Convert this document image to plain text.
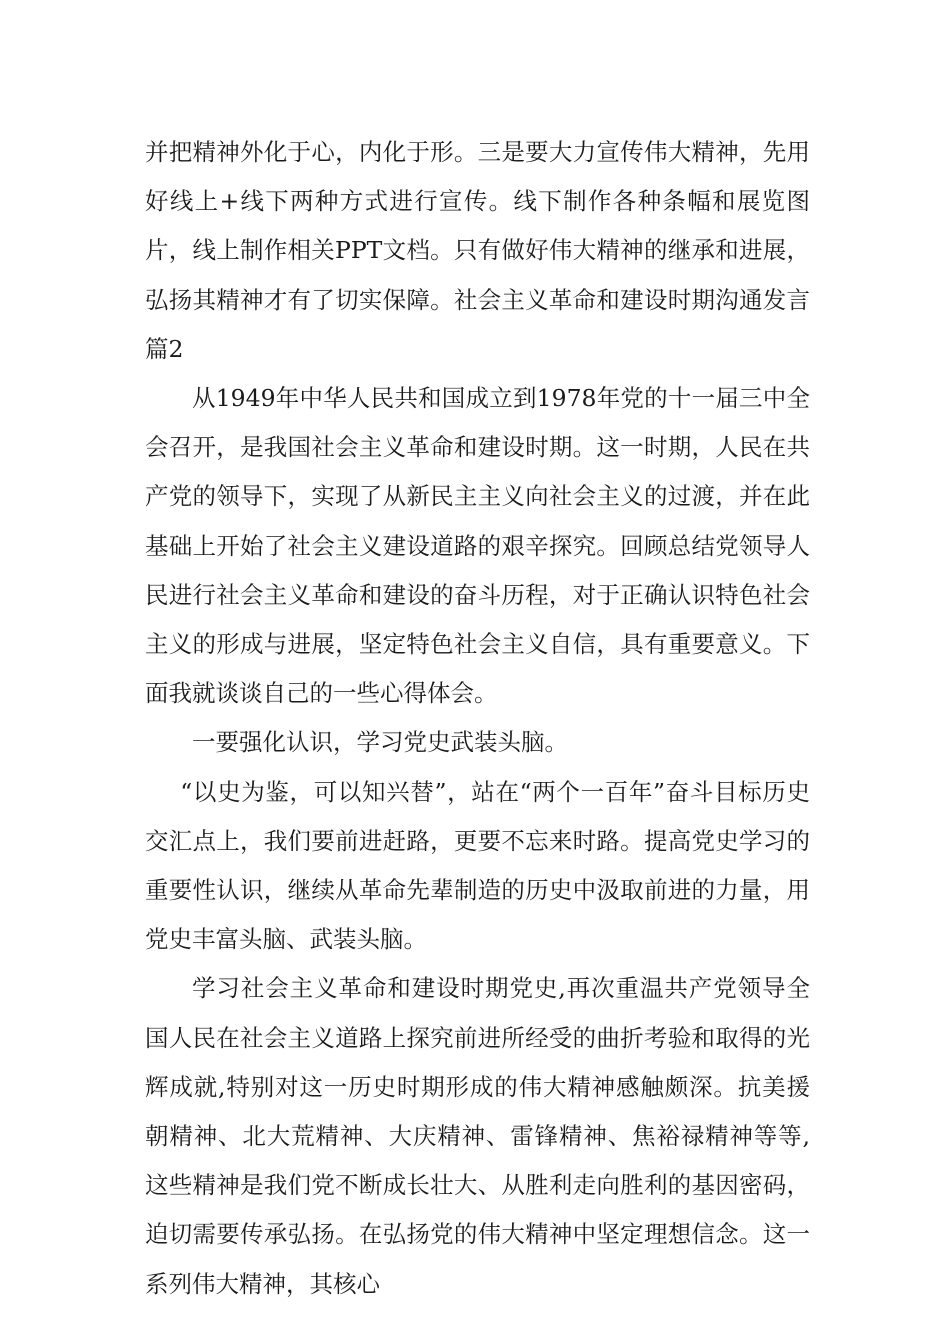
并把精神外化于心，内化于形。三是要大力宣传伟大精神，先用好线上+线下两种方式进行宣传。线下制作各种条幅和展览图片，线上制作相关PPT文档。只有做好伟大精神的继承和进展，弘扬其精神才有了切实保障。社会主义革命和建设时期沟通发言篇2

从1949年中华人民共和国成立到1978年党的十一届三中全会召开，是我国社会主义革命和建设时期。这一时期，人民在共产党的领导下，实现了从新民主主义向社会主义的过渡，并在此基础上开始了社会主义建设道路的艰辛探究。回顾总结党领导人民进行社会主义革命和建设的奋斗历程，对于正确认识特色社会主义的形成与进展，坚定特色社会主义自信，具有重要意义。下面我就谈谈自己的一些心得体会。

一要强化认识，学习党史武装头脑。

“以史为鉴，可以知兴替”，站在“两个一百年”奋斗目标历史交汇点上，我们要前进赶路，更要不忘来时路。提高党史学习的重要性认识，继续从革命先辈制造的历史中汲取前进的力量，用党史丰富头脑、武装头脑。

学习社会主义革命和建设时期党史,再次重温共产党领导全国人民在社会主义道路上探究前进所经受的曲折考验和取得的光辉成就,特别对这一历史时期形成的伟大精神感触颇深。抗美援朝精神、北大荒精神、大庆精神、雷锋精神、焦裕禄精神等等,这些精神是我们党不断成长壮大、从胜利走向胜利的基因密码，迫切需要传承弘扬。在弘扬党的伟大精神中坚定理想信念。这一系列伟大精神，其核心
